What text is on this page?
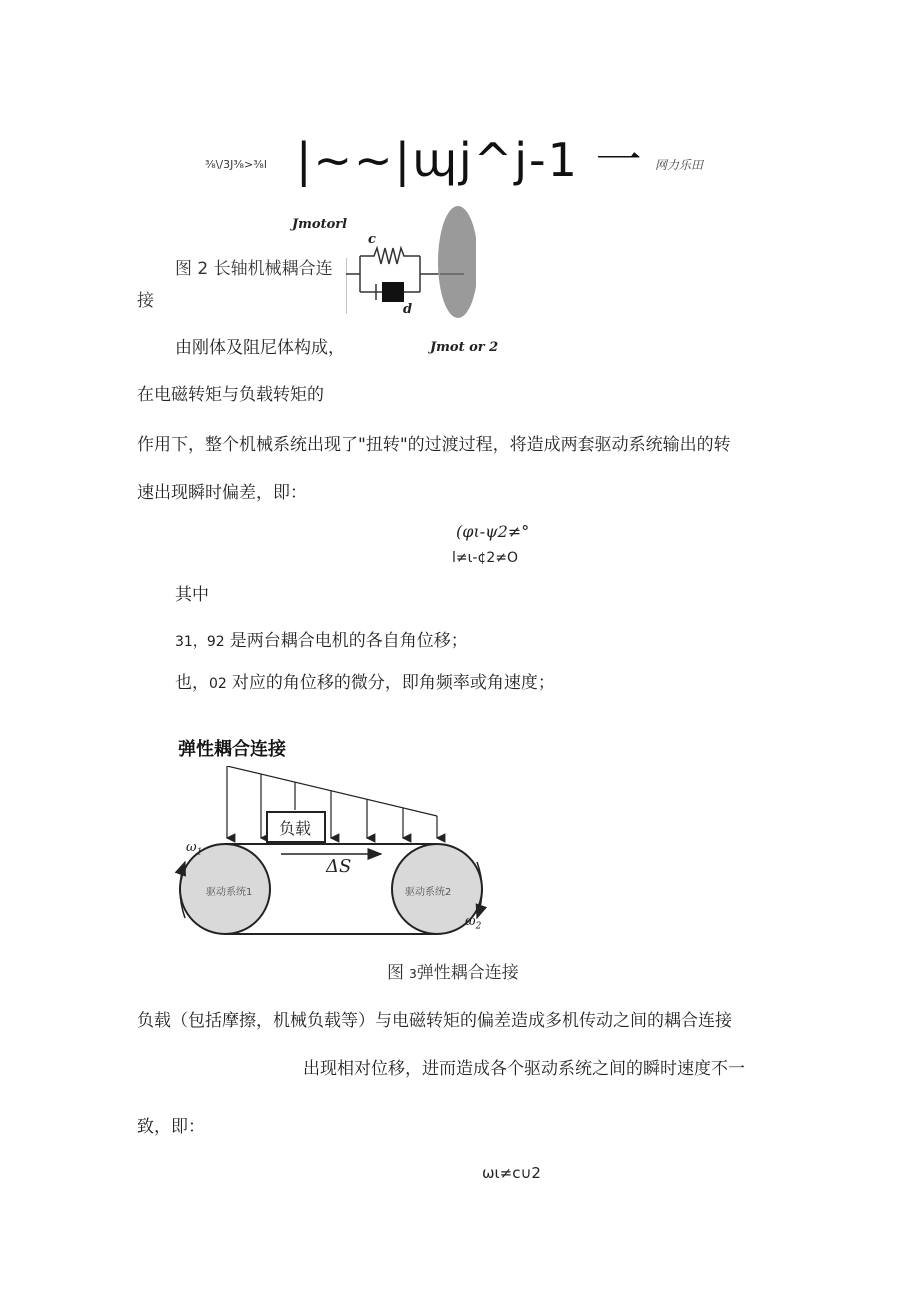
³⁄₈\/3J³⁄₈>³⁄₈l |~~|ɰj^j-1 一 网力乐田
Jmotorl
c
d
图 2 长轴机械耦合连
接
由刚体及阻尼体构成，	Jmot or 2
在电磁转矩与负载转矩的
作用下，整个机械系统出现了"扭转"的过渡过程，将造成两套驱动系统输出的转
速出现瞬时偏差，即：
(φι-ψ2≠°
l≠ι-¢2≠O
其中
31，92 是两台耦合电机的各自角位移；
也，02 对应的角位移的微分，即角频率或角速度；
弹性耦合连接
负载
ΔS
驱动系统1	驱动系统2
$\omega_1$
$\omega_2$
图 3弹性耦合连接
负载（包括摩擦，机械负载等）与电磁转矩的偏差造成多机传动之间的耦合连接
出现相对位移，进而造成各个驱动系统之间的瞬时速度不一
致，即：
ωι≠c∪2
